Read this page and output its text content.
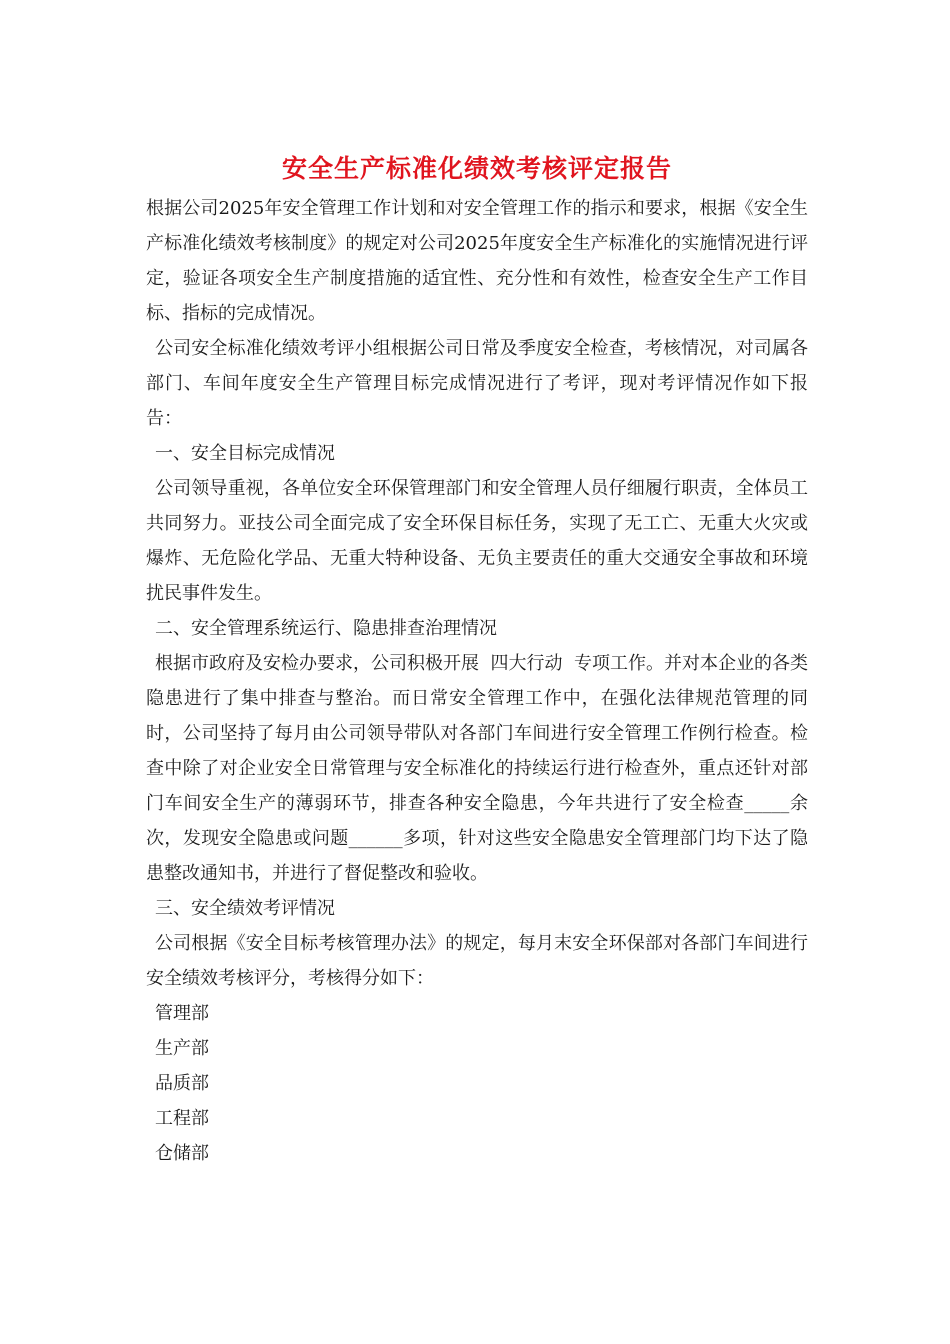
安全生产标准化绩效考核评定报告

根据公司2025年安全管理工作计划和对安全管理工作的指示和要求，根据《安全生产标准化绩效考核制度》的规定对公司2025年度安全生产标准化的实施情况进行评定，验证各项安全生产制度措施的适宜性、充分性和有效性，检查安全生产工作目标、指标的完成情况。

公司安全标准化绩效考评小组根据公司日常及季度安全检查，考核情况，对司属各部门、车间年度安全生产管理目标完成情况进行了考评，现对考评情况作如下报告：

一、安全目标完成情况

公司领导重视，各单位安全环保管理部门和安全管理人员仔细履行职责，全体员工共同努力。亚技公司全面完成了安全环保目标任务，实现了无工亡、无重大火灾或爆炸、无危险化学品、无重大特种设备、无负主要责任的重大交通安全事故和环境扰民事件发生。

二、安全管理系统运行、隐患排查治理情况

根据市政府及安检办要求，公司积极开展  四大行动  专项工作。并对本企业的各类隐患进行了集中排查与整治。而日常安全管理工作中，在强化法律规范管理的同时，公司坚持了每月由公司领导带队对各部门车间进行安全管理工作例行检查。检查中除了对企业安全日常管理与安全标准化的持续运行进行检查外，重点还针对部门车间安全生产的薄弱环节，排查各种安全隐患，今年共进行了安全检查_____余次，发现安全隐患或问题______多项，针对这些安全隐患安全管理部门均下达了隐患整改通知书，并进行了督促整改和验收。

三、安全绩效考评情况

公司根据《安全目标考核管理办法》的规定，每月末安全环保部对各部门车间进行安全绩效考核评分，考核得分如下：

管理部
生产部
品质部
工程部
仓储部
